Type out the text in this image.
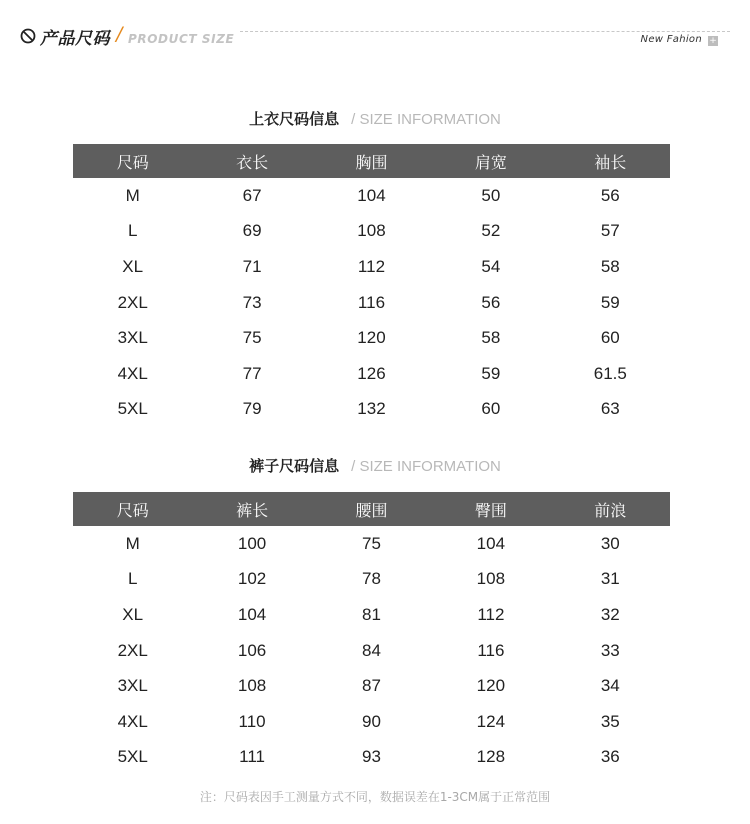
产品尺码 / PRODUCT SIZE	New Fahion +
上衣尺码信息 / SIZE INFORMATION
尺码	衣长	胸围	肩宽	袖长
M	67	104	50	56
L	69	108	52	57
XL	71	112	54	58
2XL	73	116	56	59
3XL	75	120	58	60
4XL	77	126	59	61.5
5XL	79	132	60	63
裤子尺码信息 / SIZE INFORMATION
尺码	裤长	腰围	臀围	前浪
M	100	75	104	30
L	102	78	108	31
XL	104	81	112	32
2XL	106	84	116	33
3XL	108	87	120	34
4XL	110	90	124	35
5XL	111	93	128	36
注：尺码表因手工测量方式不同，数据误差在1-3CM属于正常范围
